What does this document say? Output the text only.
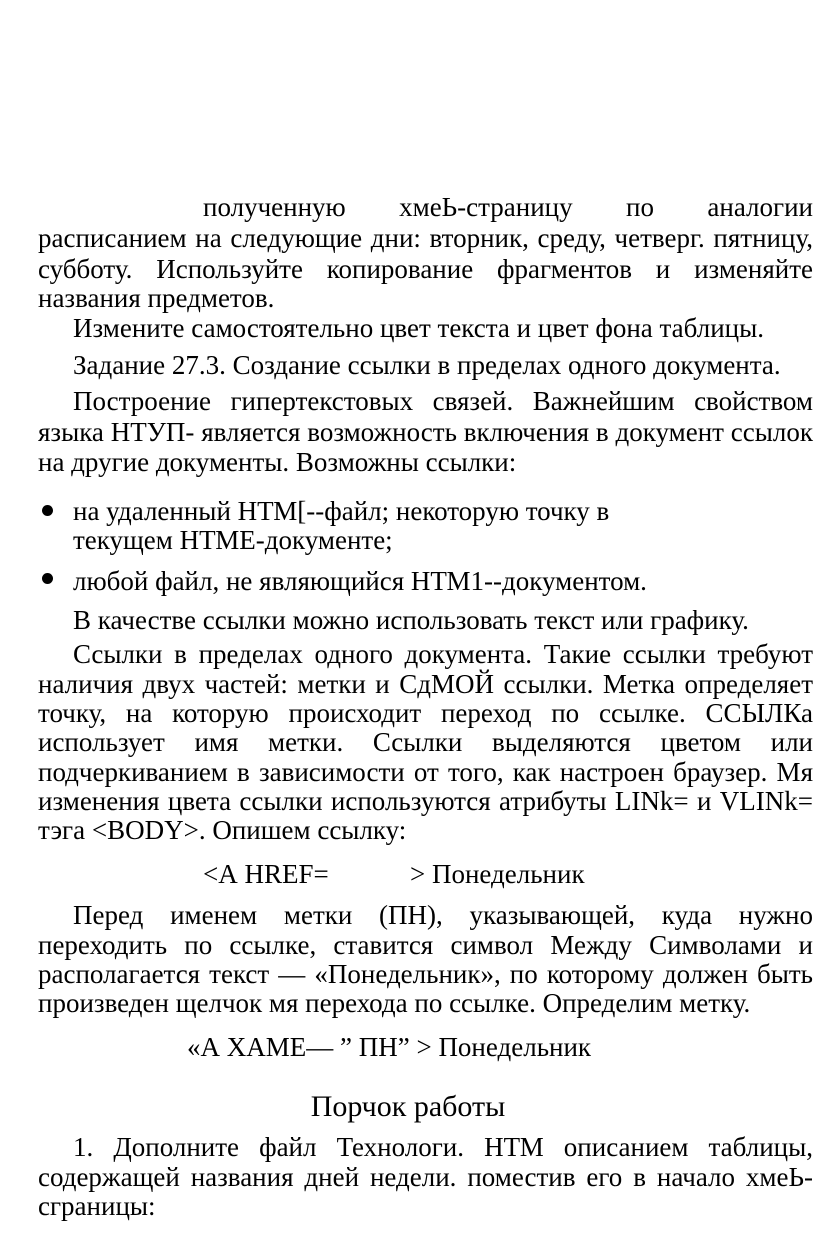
полученную хмеЬ-страницу по аналогии
расписанием на следующие дни: вторник, среду, четверг. пятницу,
субботу. Используйте копирование фрагментов и изменяйте
названия предметов.
Измените самостоятельно цвет текста и цвет фона таблицы.
Задание 27.3. Создание ссылки в пределах одного документа.
Построение гипертекстовых связей. Важнейшим свойством
языка НТУП- является возможность включения в документ ссылок
на другие документы. Возможны ссылки:
на удаленный НТМ[--файл; некоторую точку в
текущем НТМЕ-документе;
любой файл, не являющийся НТМ1--документом.
В качестве ссылки можно использовать текст или графику.
Ссылки в пределах одного документа. Такие ссылки требуют
наличия двух частей: метки и СдМОЙ ссылки. Метка определяет
точку, на которую происходит переход по ссылке. ССЫЛКа
использует имя метки. Ссылки выделяются цветом или
подчеркиванием в зависимости от того, как настроен браузер. Мя
изменения цвета ссылки используются атрибуты LINk= и VLINk=
тэга <BODY>. Опишем ссылку:
<А HREF=	> Понедельник
Перед именем метки (ПН), указывающей, куда нужно
переходить по ссылке, ставится символ Между Символами и
располагается текст — «Понедельник», по которому должен быть
произведен щелчок мя перехода по ссылке. Определим метку.
«А ХАМЕ— ” ПН” > Понедельник
Порчок работы
1. Дополните файл Технологи. НТМ описанием таблицы,
содержащей названия дней недели. поместив его в начало хмеЬ-
сграницы:
